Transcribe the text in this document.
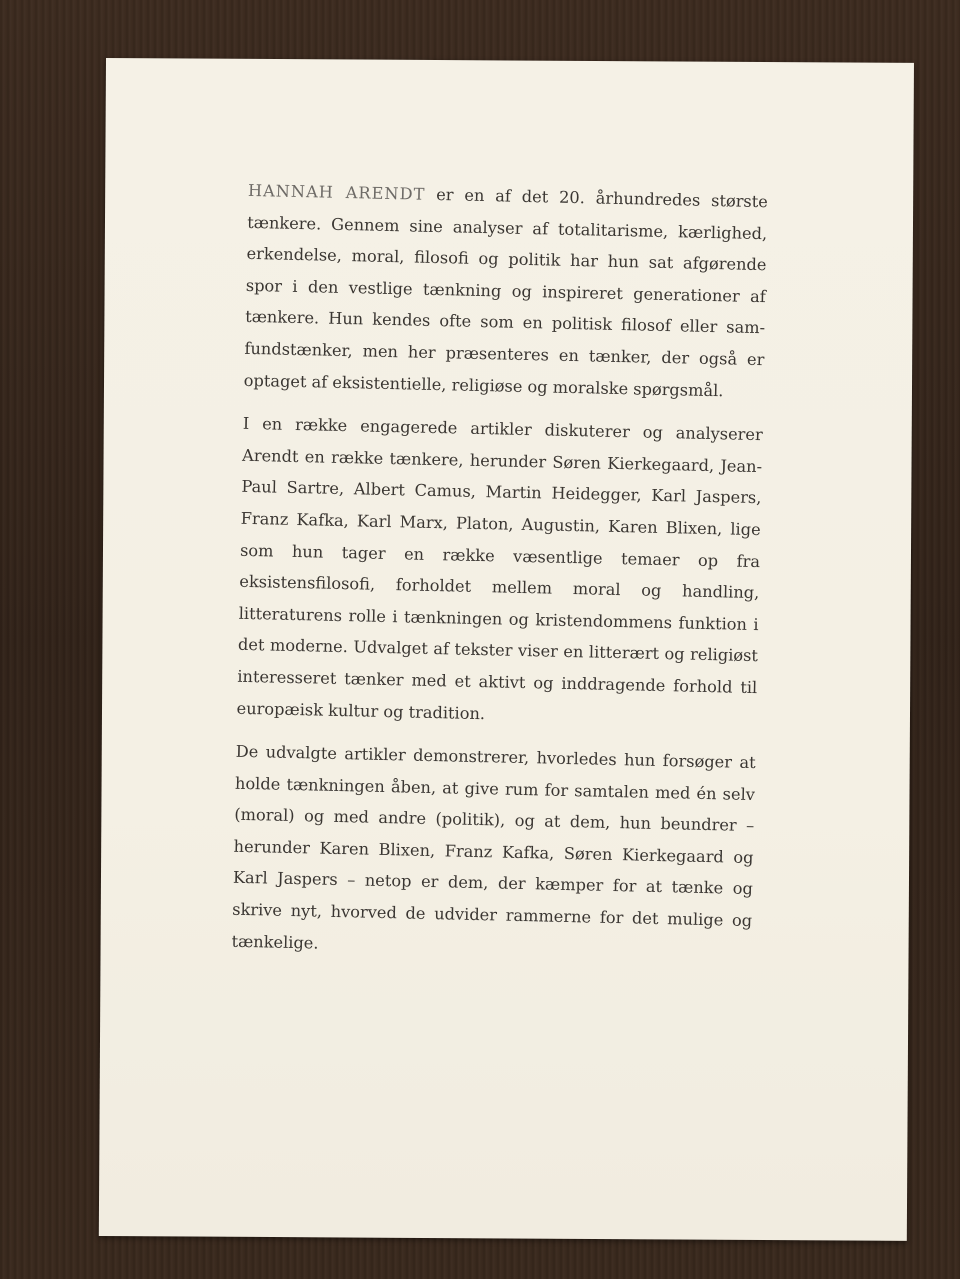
HANNAH ARENDT er en af det 20. århundredes største tænkere. Gennem sine analyser af totalitarisme, kærlighed, erkendelse, moral, filosofi og politik har hun sat afgørende spor i den vestlige tænkning og inspireret generationer af tænkere. Hun kendes ofte som en politisk filosof eller samfundstænker, men her præsenteres en tænker, der også er optaget af eksistentielle, religiøse og moralske spørgsmål.

I en række engagerede artikler diskuterer og analyserer Arendt en række tænkere, herunder Søren Kierkegaard, Jean-Paul Sartre, Albert Camus, Martin Heidegger, Karl Jaspers, Franz Kafka, Karl Marx, Platon, Augustin, Karen Blixen, lige som hun tager en række væsentlige temaer op fra eksistensfilosofi, forholdet mellem moral og handling, litteraturens rolle i tænkningen og kristendommens funktion i det moderne. Udvalget af tekster viser en litterært og religiøst interesseret tænker med et aktivt og inddragende forhold til europæisk kultur og tradition.

De udvalgte artikler demonstrerer, hvorledes hun forsøger at holde tænkningen åben, at give rum for samtalen med én selv (moral) og med andre (politik), og at dem, hun beundrer – herunder Karen Blixen, Franz Kafka, Søren Kierkegaard og Karl Jaspers – netop er dem, der kæmper for at tænke og skrive nyt, hvorved de udvider rammerne for det mulige og tænkelige.
